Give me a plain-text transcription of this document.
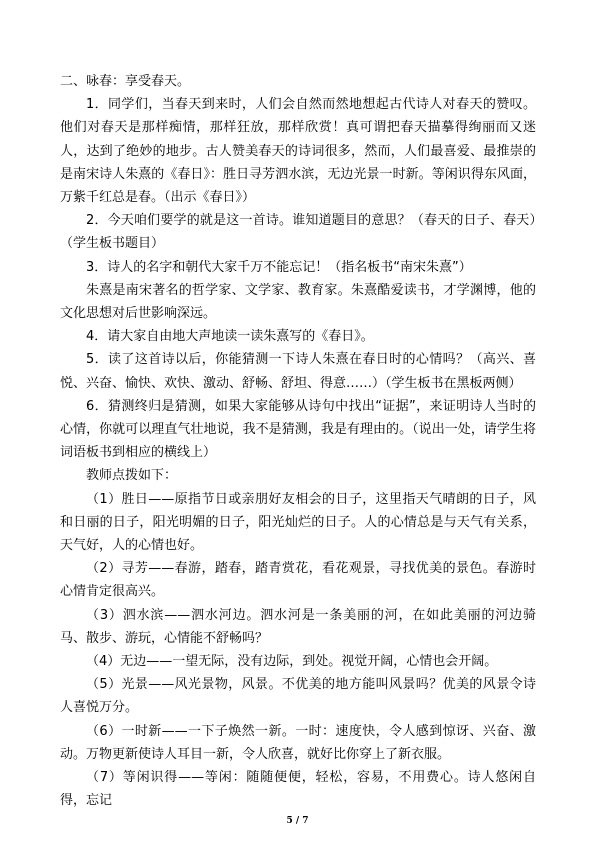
二、咏春：享受春天。

1．同学们，当春天到来时，人们会自然而然地想起古代诗人对春天的赞叹。他们对春天是那样痴情，那样狂放，那样欣赏！真可谓把春天描摹得绚丽而又迷人，达到了绝妙的地步。古人赞美春天的诗词很多，然而，人们最喜爱、最推崇的是南宋诗人朱熹的《春日》：胜日寻芳泗水滨，无边光景一时新。等闲识得东风面，万紫千红总是春。（出示《春日》）

2．今天咱们要学的就是这一首诗。谁知道题目的意思？（春天的日子、春天）（学生板书题目）

3．诗人的名字和朝代大家千万不能忘记！（指名板书“南宋朱熹”）

朱熹是南宋著名的哲学家、文学家、教育家。朱熹酷爱读书，才学渊博，他的文化思想对后世影响深远。

4．请大家自由地大声地读一读朱熹写的《春日》。

5．读了这首诗以后，你能猜测一下诗人朱熹在春日时的心情吗？（高兴、喜悦、兴奋、愉快、欢快、激动、舒畅、舒坦、得意……）（学生板书在黑板两侧）

6．猜测终归是猜测，如果大家能够从诗句中找出“证据”，来证明诗人当时的心情，你就可以理直气壮地说，我不是猜测，我是有理由的。（说出一处，请学生将词语板书到相应的横线上）

教师点拨如下：

（1）胜日——原指节日或亲朋好友相会的日子，这里指天气晴朗的日子，风和日丽的日子，阳光明媚的日子，阳光灿烂的日子。人的心情总是与天气有关系，天气好，人的心情也好。

（2）寻芳——春游，踏春，踏青赏花，看花观景，寻找优美的景色。春游时心情肯定很高兴。

（3）泗水滨——泗水河边。泗水河是一条美丽的河，在如此美丽的河边骑马、散步、游玩，心情能不舒畅吗？

（4）无边——一望无际，没有边际，到处。视觉开阔，心情也会开阔。

（5）光景——风光景物，风景。不优美的地方能叫风景吗？优美的风景令诗人喜悦万分。

（6）一时新——一下子焕然一新。一时：速度快，令人感到惊讶、兴奋、激动。万物更新使诗人耳目一新，令人欣喜，就好比你穿上了新衣服。

（7）等闲识得——等闲：随随便便，轻松，容易，不用费心。诗人悠闲自得，忘记

5 / 7
